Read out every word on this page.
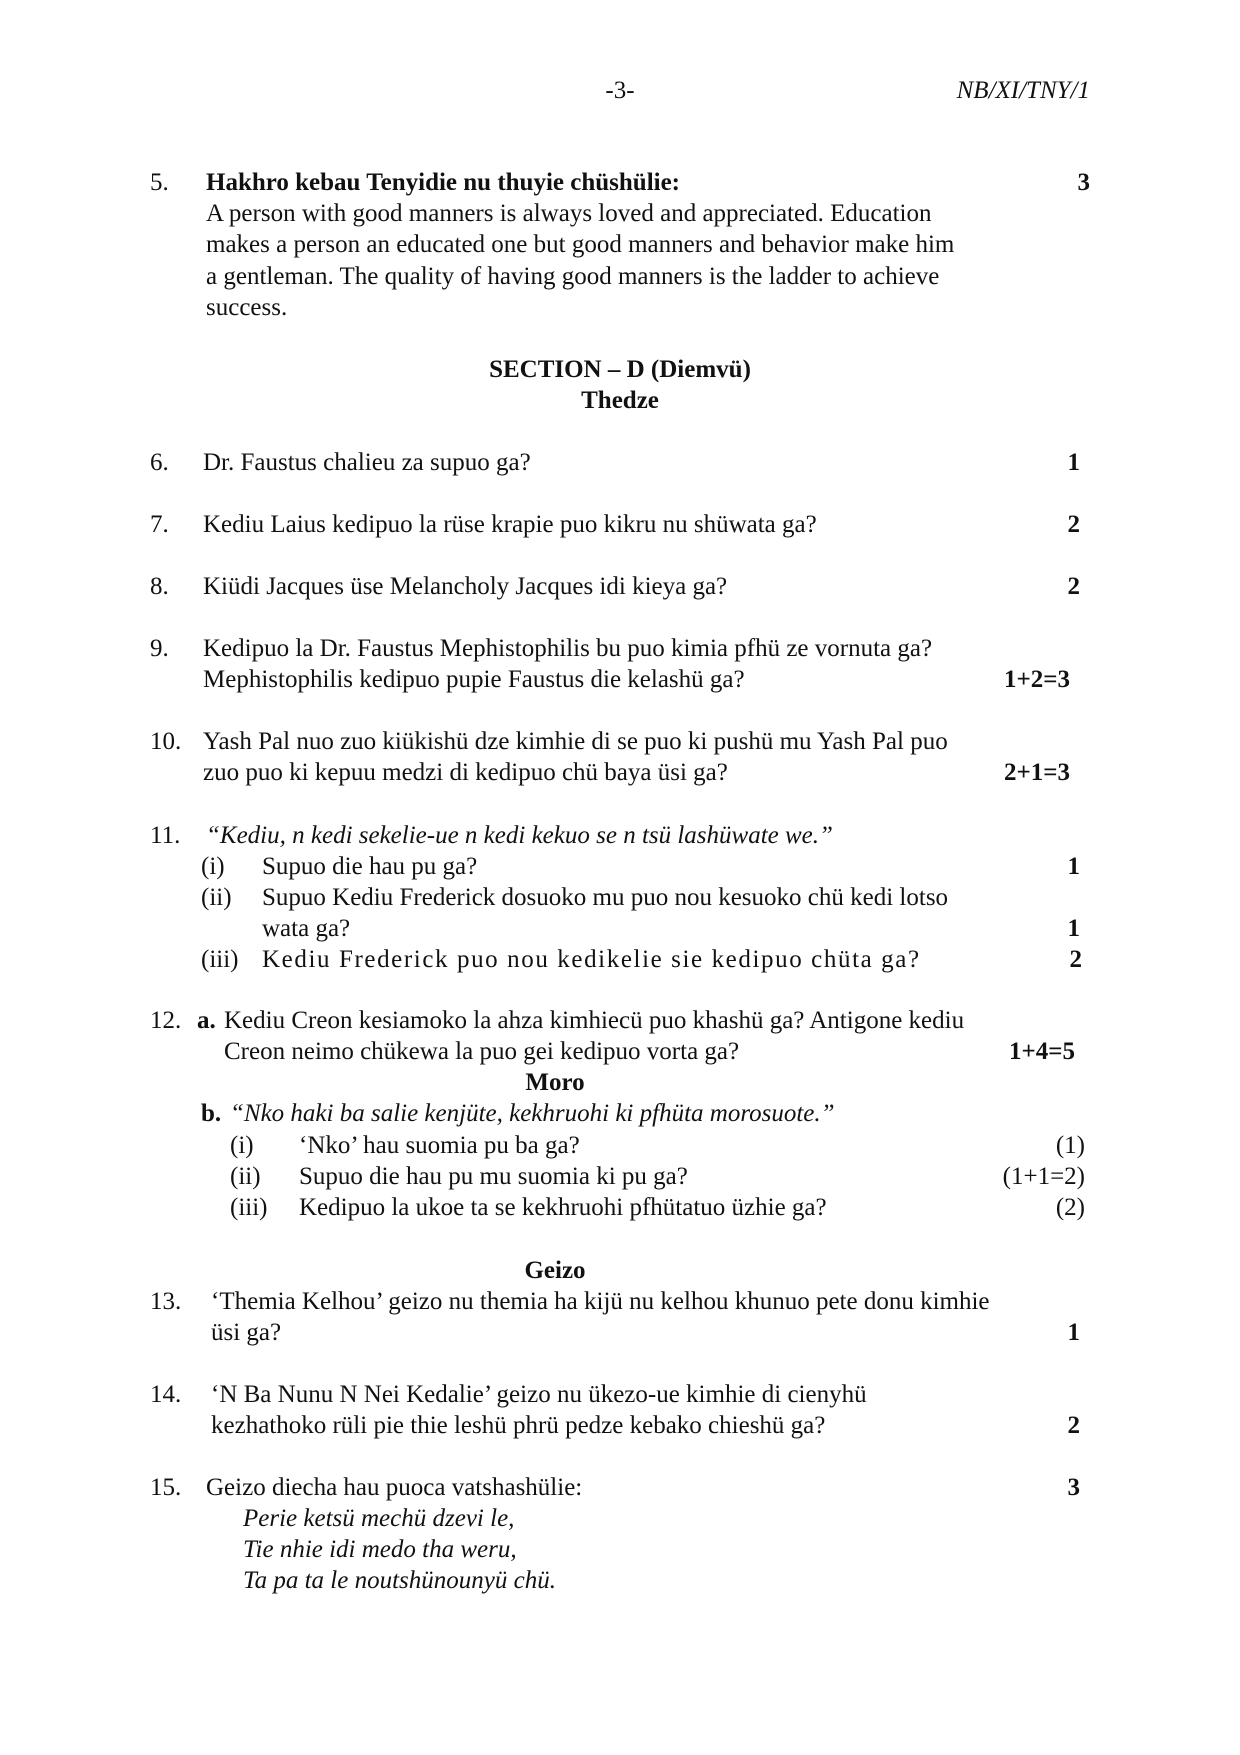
-3-	NB/XI/TNY/1
5. Hakhro kebau Tenyidie nu thuyie chüshülie:	3
A person with good manners is always loved and appreciated. Education
makes a person an educated one but good manners and behavior make him
a gentleman. The quality of having good manners is the ladder to achieve
success.
SECTION – D (Diemvü)
Thedze
6. Dr. Faustus chalieu za supuo ga?	1
7. Kediu Laius kedipuo la rüse krapie puo kikru nu shüwata ga?	2
8. Kiüdi Jacques üse Melancholy Jacques idi kieya ga?	2
9. Kedipuo la Dr. Faustus Mephistophilis bu puo kimia pfhü ze vornuta ga?
Mephistophilis kedipuo pupie Faustus die kelashü ga?	1+2=3
10. Yash Pal nuo zuo kiükishü dze kimhie di se puo ki pushü mu Yash Pal puo
zuo puo ki kepuu medzi di kedipuo chü baya üsi ga?	2+1=3
11. “Kediu, n kedi sekelie-ue n kedi kekuo se n tsü lashüwate we.”
(i) Supuo die hau pu ga?	1
(ii) Supuo Kediu Frederick dosuoko mu puo nou kesuoko chü kedi lotso
wata ga?	1
(iii) Kediu Frederick puo nou kedikelie sie kedipuo chüta ga?	2
12. a. Kediu Creon kesiamoko la ahza kimhiecü puo khashü ga? Antigone kediu
Creon neimo chükewa la puo gei kedipuo vorta ga?	1+4=5
Moro
b. “Nko haki ba salie kenjüte, kekhruohi ki pfhüta morosuote.”
(i) ‘Nko’ hau suomia pu ba ga?	(1)
(ii) Supuo die hau pu mu suomia ki pu ga?	(1+1=2)
(iii) Kedipuo la ukoe ta se kekhruohi pfhütatuo üzhie ga?	(2)
Geizo
13. ‘Themia Kelhou’ geizo nu themia ha kijü nu kelhou khunuo pete donu kimhie
üsi ga?	1
14. ‘N Ba Nunu N Nei Kedalie’ geizo nu ükezo-ue kimhie di cienyhü
kezhathoko rüli pie thie leshü phrü pedze kebako chieshü ga?	2
15. Geizo diecha hau puoca vatshashülie:	3
Perie ketsü mechü dzevi le,
Tie nhie idi medo tha weru,
Ta pa ta le noutshünounyü chü.
